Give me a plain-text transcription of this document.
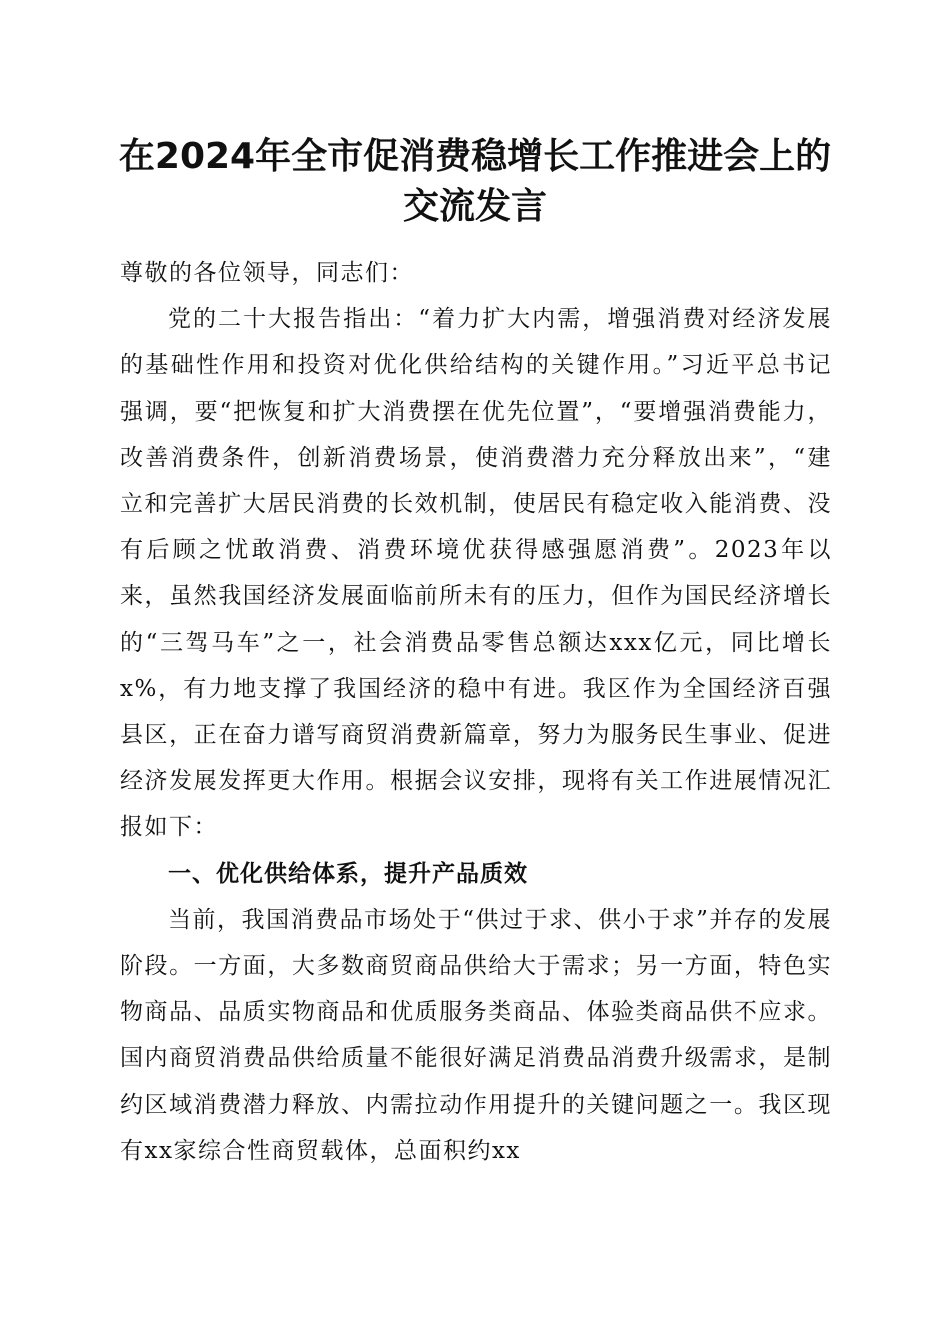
在2024年全市促消费稳增长工作推进会上的
交流发言

尊敬的各位领导，同志们：

党的二十大报告指出：“着力扩大内需，增强消费对经济发展的基础性作用和投资对优化供给结构的关键作用。”习近平总书记强调，要“把恢复和扩大消费摆在优先位置”，“要增强消费能力，改善消费条件，创新消费场景，使消费潜力充分释放出来”，“建立和完善扩大居民消费的长效机制，使居民有稳定收入能消费、没有后顾之忧敢消费、消费环境优获得感强愿消费”。2023年以来，虽然我国经济发展面临前所未有的压力，但作为国民经济增长的“三驾马车”之一，社会消费品零售总额达xxx亿元，同比增长x%，有力地支撑了我国经济的稳中有进。我区作为全国经济百强县区，正在奋力谱写商贸消费新篇章，努力为服务民生事业、促进经济发展发挥更大作用。根据会议安排，现将有关工作进展情况汇报如下：

一、优化供给体系，提升产品质效

当前，我国消费品市场处于“供过于求、供小于求”并存的发展阶段。一方面，大多数商贸商品供给大于需求；另一方面，特色实物商品、品质实物商品和优质服务类商品、体验类商品供不应求。国内商贸消费品供给质量不能很好满足消费品消费升级需求，是制约区域消费潜力释放、内需拉动作用提升的关键问题之一。我区现有xx家综合性商贸载体，总面积约xx
